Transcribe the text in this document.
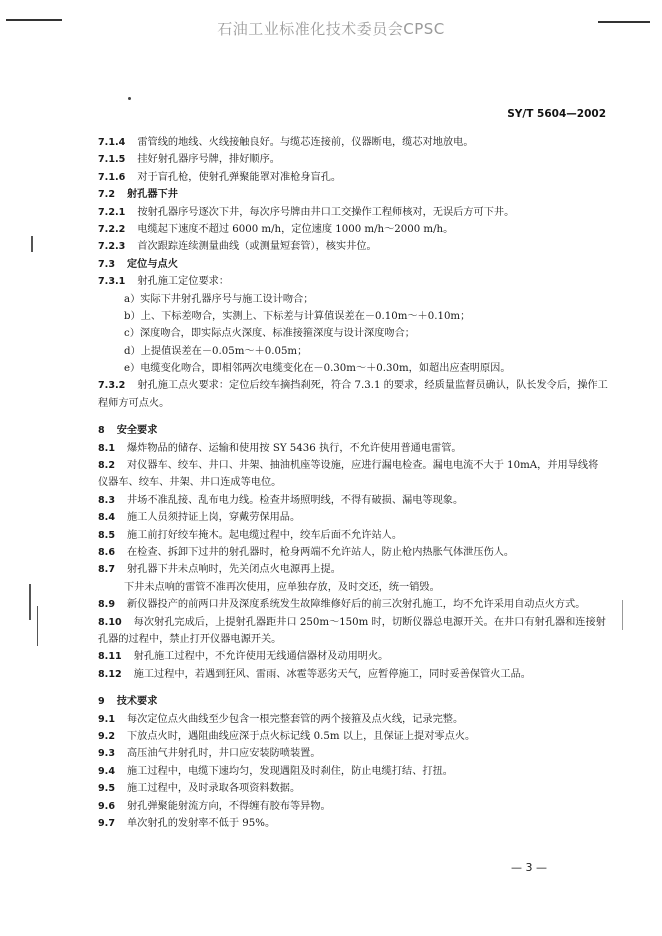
石油工业标准化技术委员会CPSC
SY/T 5604—2002
7.1.4 雷管线的地线、火线接触良好。与缆芯连接前，仪器断电，缆芯对地放电。
7.1.5 挂好射孔器序号牌，排好顺序。
7.1.6 对于盲孔枪，使射孔弹聚能罩对准枪身盲孔。
7.2 射孔器下井
7.2.1 按射孔器序号逐次下井，每次序号牌由井口工交操作工程师核对，无误后方可下井。
7.2.2 电缆起下速度不超过 6000 m/h，定位速度 1000 m/h～2000 m/h。
7.2.3 首次跟踪连续测量曲线（或测量短套管），核实井位。
7.3 定位与点火
7.3.1 射孔施工定位要求：
a）实际下井射孔器序号与施工设计吻合；
b）上、下标差吻合，实测上、下标差与计算值误差在－0.10m～＋0.10m；
c）深度吻合，即实际点火深度、标准接箍深度与设计深度吻合；
d）上提值误差在－0.05m～＋0.05m；
e）电缆变化吻合，即相邻两次电缆变化在－0.30m～＋0.30m，如超出应查明原因。
7.3.2 射孔施工点火要求：定位后绞车摘挡刹死，符合 7.3.1 的要求，经质量监督员确认，队长发令后，操作工程师方可点火。
8 安全要求
8.1 爆炸物品的储存、运输和使用按 SY 5436 执行，不允许使用普通电雷管。
8.2 对仪器车、绞车、井口、井架、抽油机座等设施，应进行漏电检查。漏电电流不大于 10mA，并用导线将仪器车、绞车、井架、井口连成等电位。
8.3 井场不准乱接、乱布电力线。检查井场照明线，不得有破损、漏电等现象。
8.4 施工人员须持证上岗，穿戴劳保用品。
8.5 施工前打好绞车掩木。起电缆过程中，绞车后面不允许站人。
8.6 在检查、拆卸下过井的射孔器时，枪身两端不允许站人，防止枪内热胀气体泄压伤人。
8.7 射孔器下井未点响时，先关闭点火电源再上提。
下井未点响的雷管不准再次使用，应单独存放，及时交还，统一销毁。
8.9 新仪器投产的前两口井及深度系统发生故障维修好后的前三次射孔施工，均不允许采用自动点火方式。
8.10 每次射孔完成后，上提射孔器距井口 250m～150m 时，切断仪器总电源开关。在井口有射孔器和连接射孔器的过程中，禁止打开仪器电源开关。
8.11 射孔施工过程中，不允许使用无线通信器材及动用明火。
8.12 施工过程中，若遇到狂风、雷雨、冰雹等恶劣天气，应暂停施工，同时妥善保管火工品。
9 技术要求
9.1 每次定位点火曲线至少包含一根完整套管的两个接箍及点火线，记录完整。
9.2 下放点火时，遇阻曲线应深于点火标记线 0.5m 以上，且保证上提对零点火。
9.3 高压油气井射孔时，井口应安装防喷装置。
9.4 施工过程中，电缆下速均匀，发现遇阻及时刹住，防止电缆打结、打扭。
9.5 施工过程中，及时录取各项资料数据。
9.6 射孔弹聚能射流方向，不得缠有胶布等异物。
9.7 单次射孔的发射率不低于 95%。
— 3 —
